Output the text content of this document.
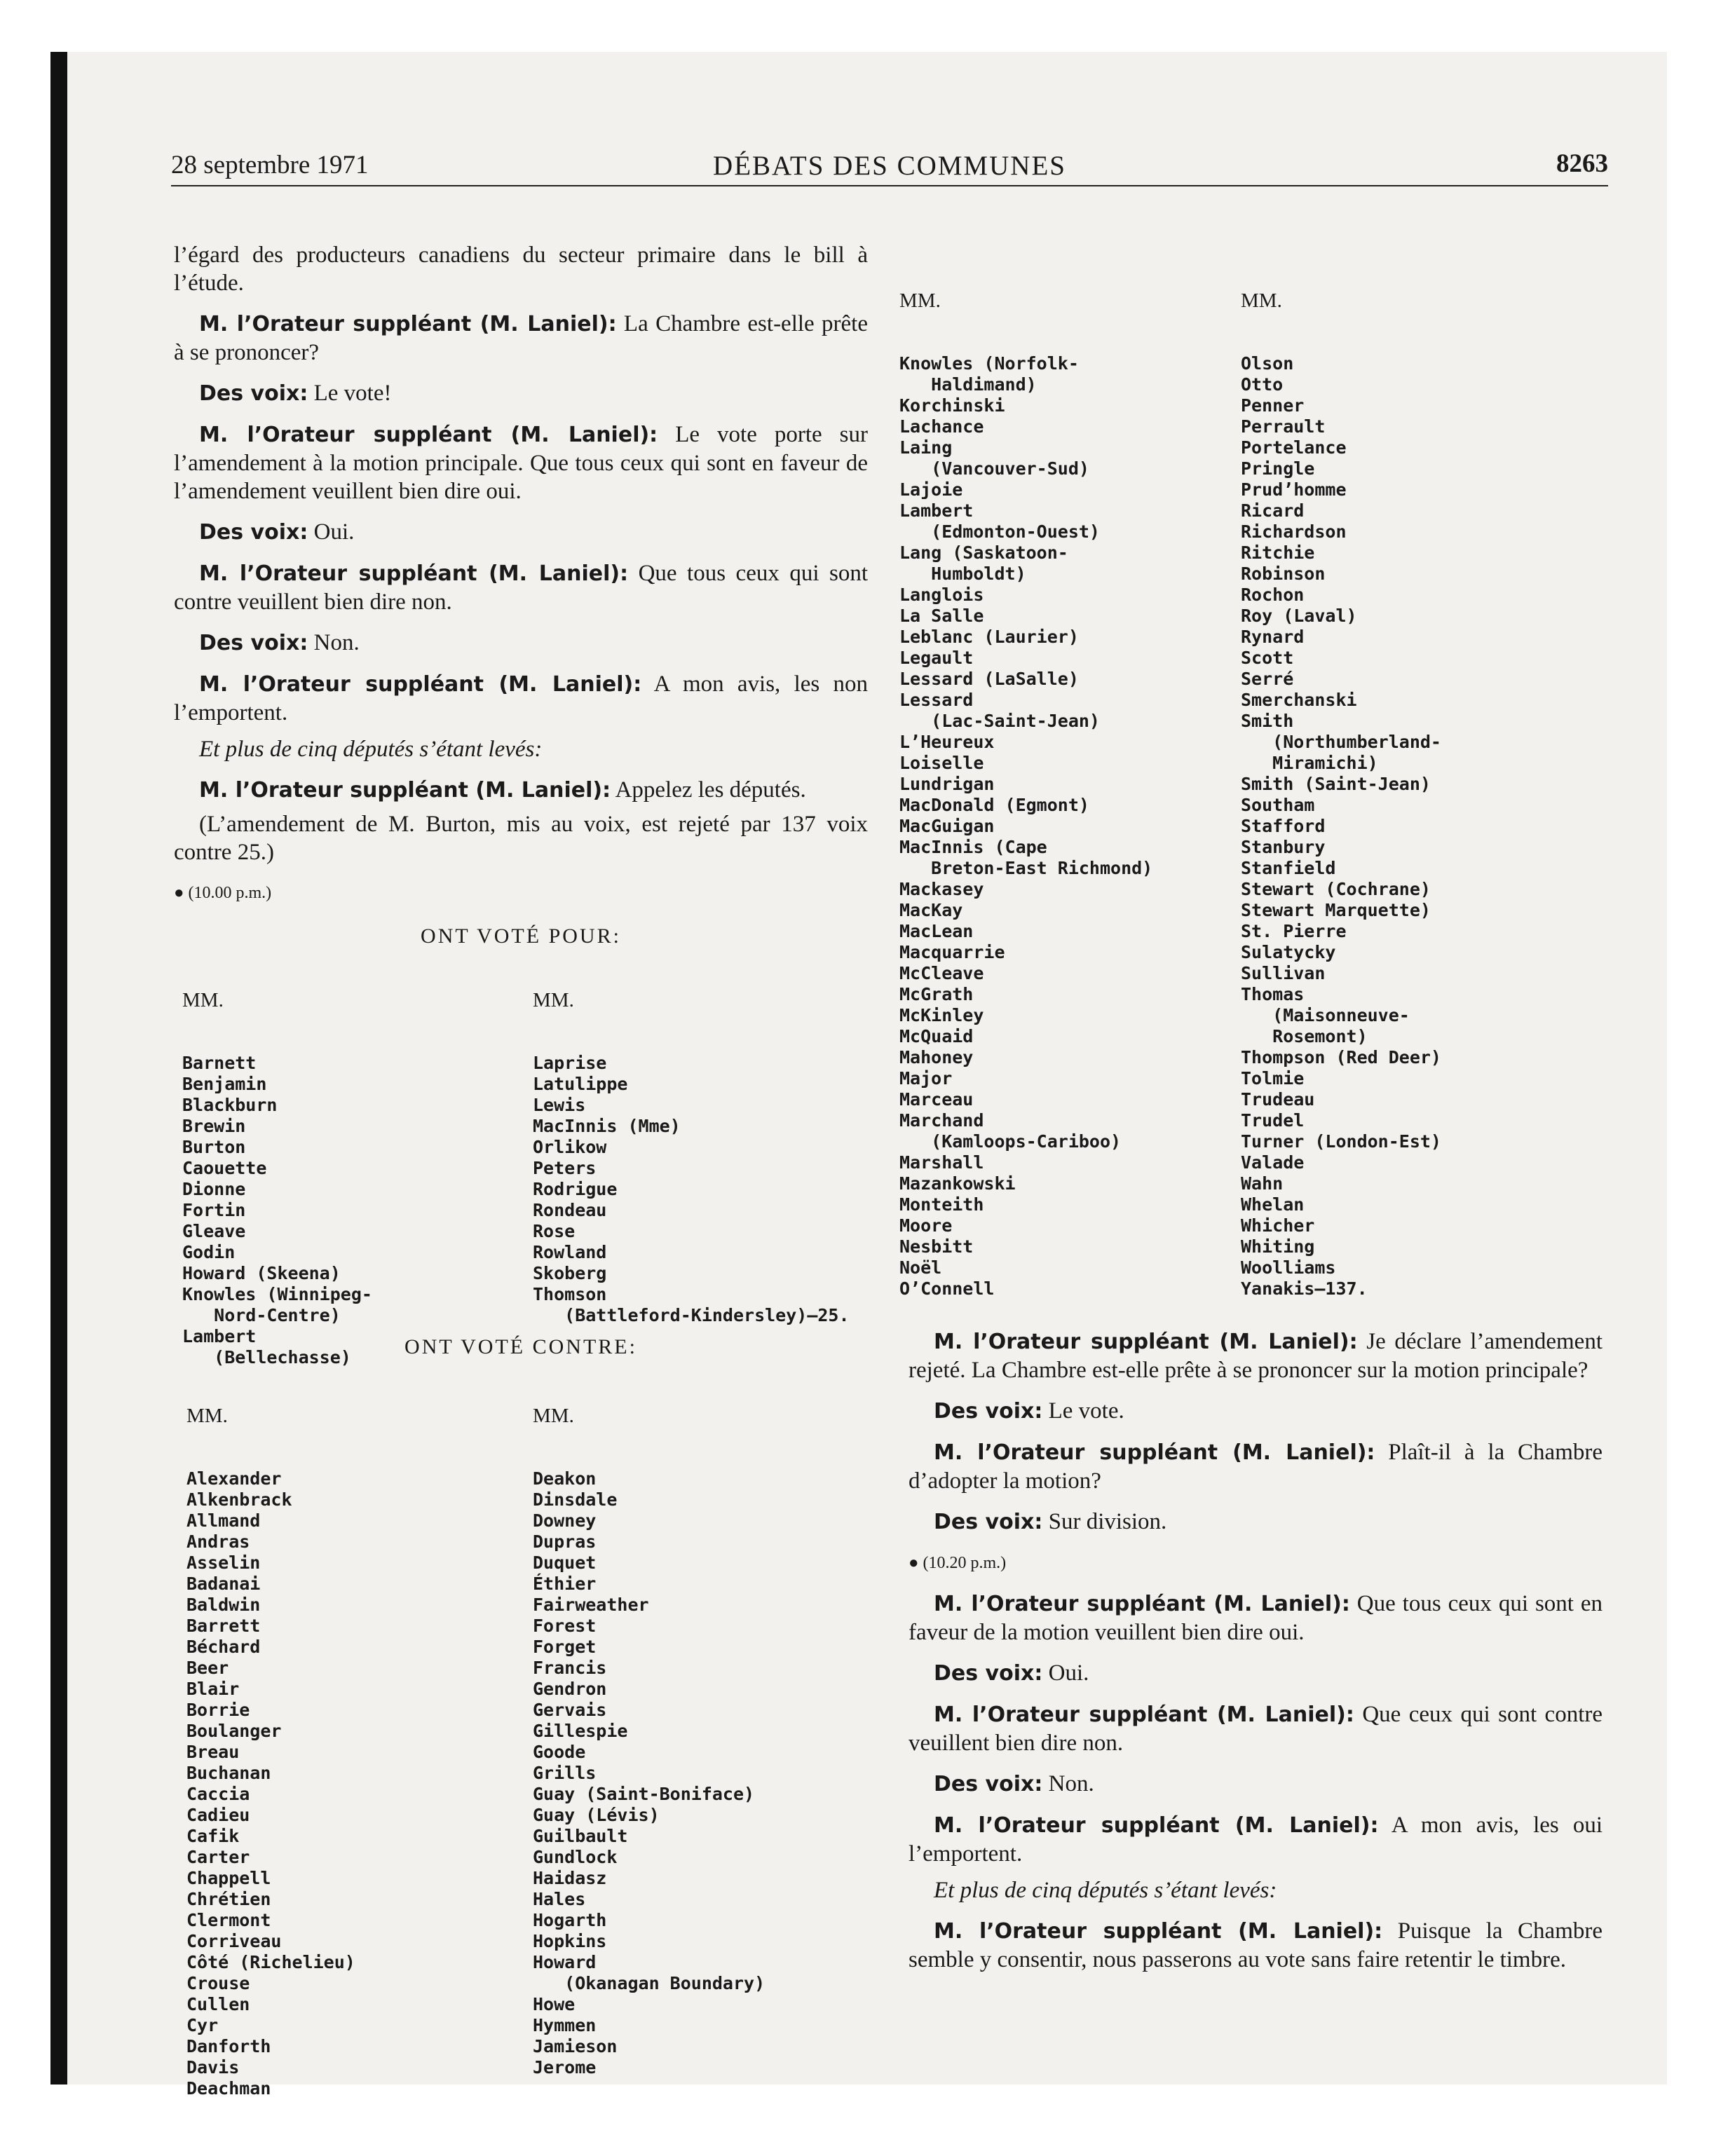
28 septembre 1971	DÉBATS DES COMMUNES	8263

l’égard des producteurs canadiens du secteur primaire dans le bill à l’étude.

M. l’Orateur suppléant (M. Laniel): La Chambre est-elle prête à se prononcer?

Des voix: Le vote!

M. l’Orateur suppléant (M. Laniel): Le vote porte sur l’amendement à la motion principale. Que tous ceux qui sont en faveur de l’amendement veuillent bien dire oui.

Des voix: Oui.

M. l’Orateur suppléant (M. Laniel): Que tous ceux qui sont contre veuillent bien dire non.

Des voix: Non.

M. l’Orateur suppléant (M. Laniel): A mon avis, les non l’emportent.

Et plus de cinq députés s’étant levés:

M. l’Orateur suppléant (M. Laniel): Appelez les députés.

(L’amendement de M. Burton, mis au voix, est rejeté par 137 voix contre 25.)

● (10.00 p.m.)
ONT VOTÉ POUR:

MM.

Barnett
Benjamin
Blackburn
Brewin
Burton
Caouette
Dionne
Fortin
Gleave
Godin
Howard (Skeena)
Knowles (Winnipeg-
Nord-Centre)
Lambert
(Bellechasse)

MM.

Laprise
Latulippe
Lewis
MacInnis (Mme)
Orlikow
Peters
Rodrigue
Rondeau
Rose
Rowland
Skoberg
Thomson
(Battleford-Kindersley)—25.

ONT VOTÉ CONTRE:

MM.

Alexander
Alkenbrack
Allmand
Andras
Asselin
Badanai
Baldwin
Barrett
Béchard
Beer
Blair
Borrie
Boulanger
Breau
Buchanan
Caccia
Cadieu
Cafik
Carter
Chappell
Chrétien
Clermont
Corriveau
Côté (Richelieu)
Crouse
Cullen
Cyr
Danforth
Davis
Deachman

MM.

Deakon
Dinsdale
Downey
Dupras
Duquet
Éthier
Fairweather
Forest
Forget
Francis
Gendron
Gervais
Gillespie
Goode
Grills
Guay (Saint-Boniface)
Guay (Lévis)
Guilbault
Gundlock
Haidasz
Hales
Hogarth
Hopkins
Howard
(Okanagan Boundary)
Howe
Hymmen
Jamieson
Jerome

MM.

Knowles (Norfolk-
Haldimand)
Korchinski
Lachance
Laing
(Vancouver-Sud)
Lajoie
Lambert
(Edmonton-Ouest)
Lang (Saskatoon-
Humboldt)
Langlois
La Salle
Leblanc (Laurier)
Legault
Lessard (LaSalle)
Lessard
(Lac-Saint-Jean)
L’Heureux
Loiselle
Lundrigan
MacDonald (Egmont)
MacGuigan
MacInnis (Cape
Breton-East Richmond)
Mackasey
MacKay
MacLean
Macquarrie
McCleave
McGrath
McKinley
McQuaid
Mahoney
Major
Marceau
Marchand
(Kamloops-Cariboo)
Marshall
Mazankowski
Monteith
Moore
Nesbitt
Noël
O’Connell

MM.

Olson
Otto
Penner
Perrault
Portelance
Pringle
Prud’homme
Ricard
Richardson
Ritchie
Robinson
Rochon
Roy (Laval)
Rynard
Scott
Serré
Smerchanski
Smith
(Northumberland-
Miramichi)
Smith (Saint-Jean)
Southam
Stafford
Stanbury
Stanfield
Stewart (Cochrane)
Stewart Marquette)
St. Pierre
Sulatycky
Sullivan
Thomas
(Maisonneuve-
Rosemont)
Thompson (Red Deer)
Tolmie
Trudeau
Trudel
Turner (London-Est)
Valade
Wahn
Whelan
Whicher
Whiting
Woolliams
Yanakis—137.

M. l’Orateur suppléant (M. Laniel): Je déclare l’amendement rejeté. La Chambre est-elle prête à se prononcer sur la motion principale?

Des voix: Le vote.

M. l’Orateur suppléant (M. Laniel): Plaît-il à la Chambre d’adopter la motion?

Des voix: Sur division.

● (10.20 p.m.)

M. l’Orateur suppléant (M. Laniel): Que tous ceux qui sont en faveur de la motion veuillent bien dire oui.

Des voix: Oui.

M. l’Orateur suppléant (M. Laniel): Que ceux qui sont contre veuillent bien dire non.

Des voix: Non.

M. l’Orateur suppléant (M. Laniel): A mon avis, les oui l’emportent.

Et plus de cinq députés s’étant levés:

M. l’Orateur suppléant (M. Laniel): Puisque la Chambre semble y consentir, nous passerons au vote sans faire retentir le timbre.
